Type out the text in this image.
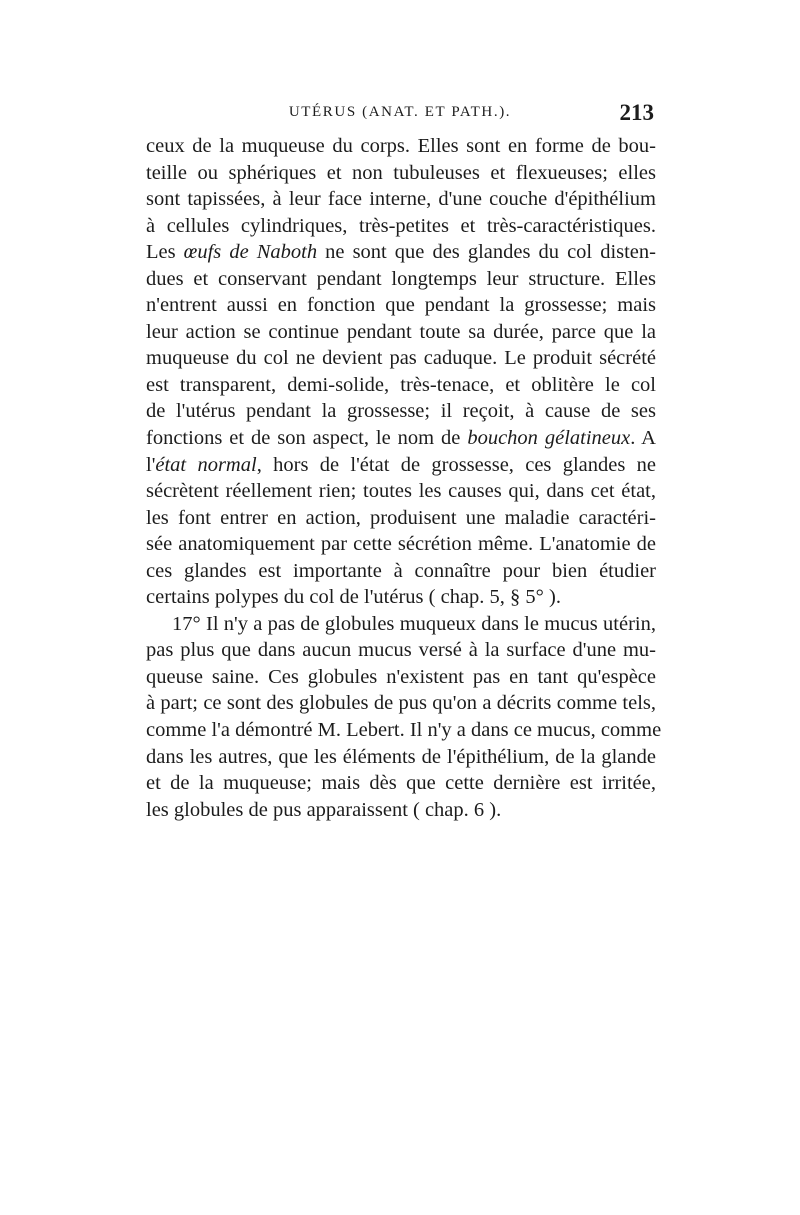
UTÉRUS (ANAT. ET PATH.).	213
ceux de la muqueuse du corps. Elles sont en forme de bou-
teille ou sphériques et non tubuleuses et flexueuses; elles
sont tapissées, à leur face interne, d'une couche d'épithélium
à cellules cylindriques, très-petites et très-caractéristiques.
Les œufs de Naboth ne sont que des glandes du col disten-
dues et conservant pendant longtemps leur structure. Elles
n'entrent aussi en fonction que pendant la grossesse; mais
leur action se continue pendant toute sa durée, parce que la
muqueuse du col ne devient pas caduque. Le produit sécrété
est transparent, demi-solide, très-tenace, et oblitère le col
de l'utérus pendant la grossesse; il reçoit, à cause de ses
fonctions et de son aspect, le nom de bouchon gélatineux. A
l'état normal, hors de l'état de grossesse, ces glandes ne
sécrètent réellement rien; toutes les causes qui, dans cet état,
les font entrer en action, produisent une maladie caractéri-
sée anatomiquement par cette sécrétion même. L'anatomie de
ces glandes est importante à connaître pour bien étudier
certains polypes du col de l'utérus ( chap. 5, § 5° ).
17° Il n'y a pas de globules muqueux dans le mucus utérin,
pas plus que dans aucun mucus versé à la surface d'une mu-
queuse saine. Ces globules n'existent pas en tant qu'espèce
à part; ce sont des globules de pus qu'on a décrits comme tels,
comme l'a démontré M. Lebert. Il n'y a dans ce mucus, comme
dans les autres, que les éléments de l'épithélium, de la glande
et de la muqueuse; mais dès que cette dernière est irritée,
les globules de pus apparaissent ( chap. 6 ).
